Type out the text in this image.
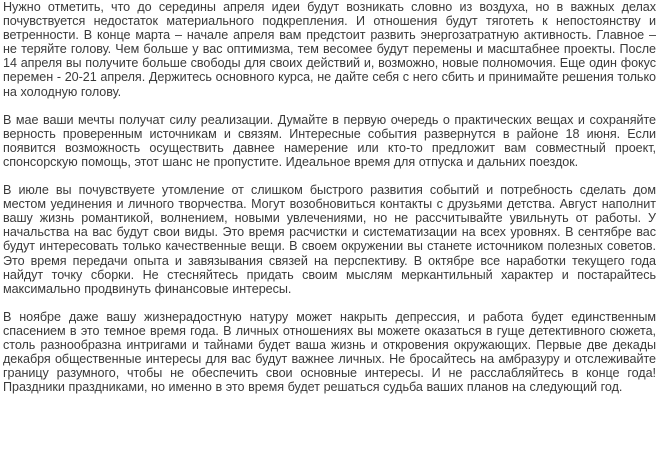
Нужно отметить, что до середины апреля идеи будут возникать словно из воздуха, но в важных делах почувствуется недостаток материального подкрепления. И отношения будут тяготеть к непостоянству и ветренности. В конце марта – начале апреля вам предстоит развить энергозатратную активность. Главное – не теряйте голову. Чем больше у вас оптимизма, тем весомее будут перемены и масштабнее проекты. После 14 апреля вы получите больше свободы для своих действий и, возможно, новые полномочия. Еще один фокус перемен - 20-21 апреля. Держитесь основного курса, не дайте себя с него сбить и принимайте решения только на холодную голову.

В мае ваши мечты получат силу реализации. Думайте в первую очередь о практических вещах и сохраняйте верность проверенным источникам и связям. Интересные события развернутся в районе 18 июня. Если появится возможность осуществить давнее намерение или кто-то предложит вам совместный проект, спонсорскую помощь, этот шанс не пропустите. Идеальное время для отпуска и дальних поездок.

В июле вы почувствуете утомление от слишком быстрого развития событий и потребность сделать дом местом уединения и личного творчества. Могут возобновиться контакты с друзьями детства. Август наполнит вашу жизнь романтикой, волнением, новыми увлечениями, но не рассчитывайте увильнуть от работы. У начальства на вас будут свои виды. Это время расчистки и систематизации на всех уровнях. В сентябре вас будут интересовать только качественные вещи. В своем окружении вы станете источником полезных советов. Это время передачи опыта и завязывания связей на перспективу. В октябре все наработки текущего года найдут точку сборки. Не стесняйтесь придать своим мыслям меркантильный характер и постарайтесь максимально продвинуть финансовые интересы.

В ноябре даже вашу жизнерадостную натуру может накрыть депрессия, и работа будет единственным спасением в это темное время года. В личных отношениях вы можете оказаться в гуще детективного сюжета, столь разнообразна интригами и тайнами будет ваша жизнь и откровения окружающих. Первые две декады декабря общественные интересы для вас будут важнее личных. Не бросайтесь на амбразуру и отслеживайте границу разумного, чтобы не обеспечить свои основные интересы. И не расслабляйтесь в конце года! Праздники праздниками, но именно в это время будет решаться судьба ваших планов на следующий год.
